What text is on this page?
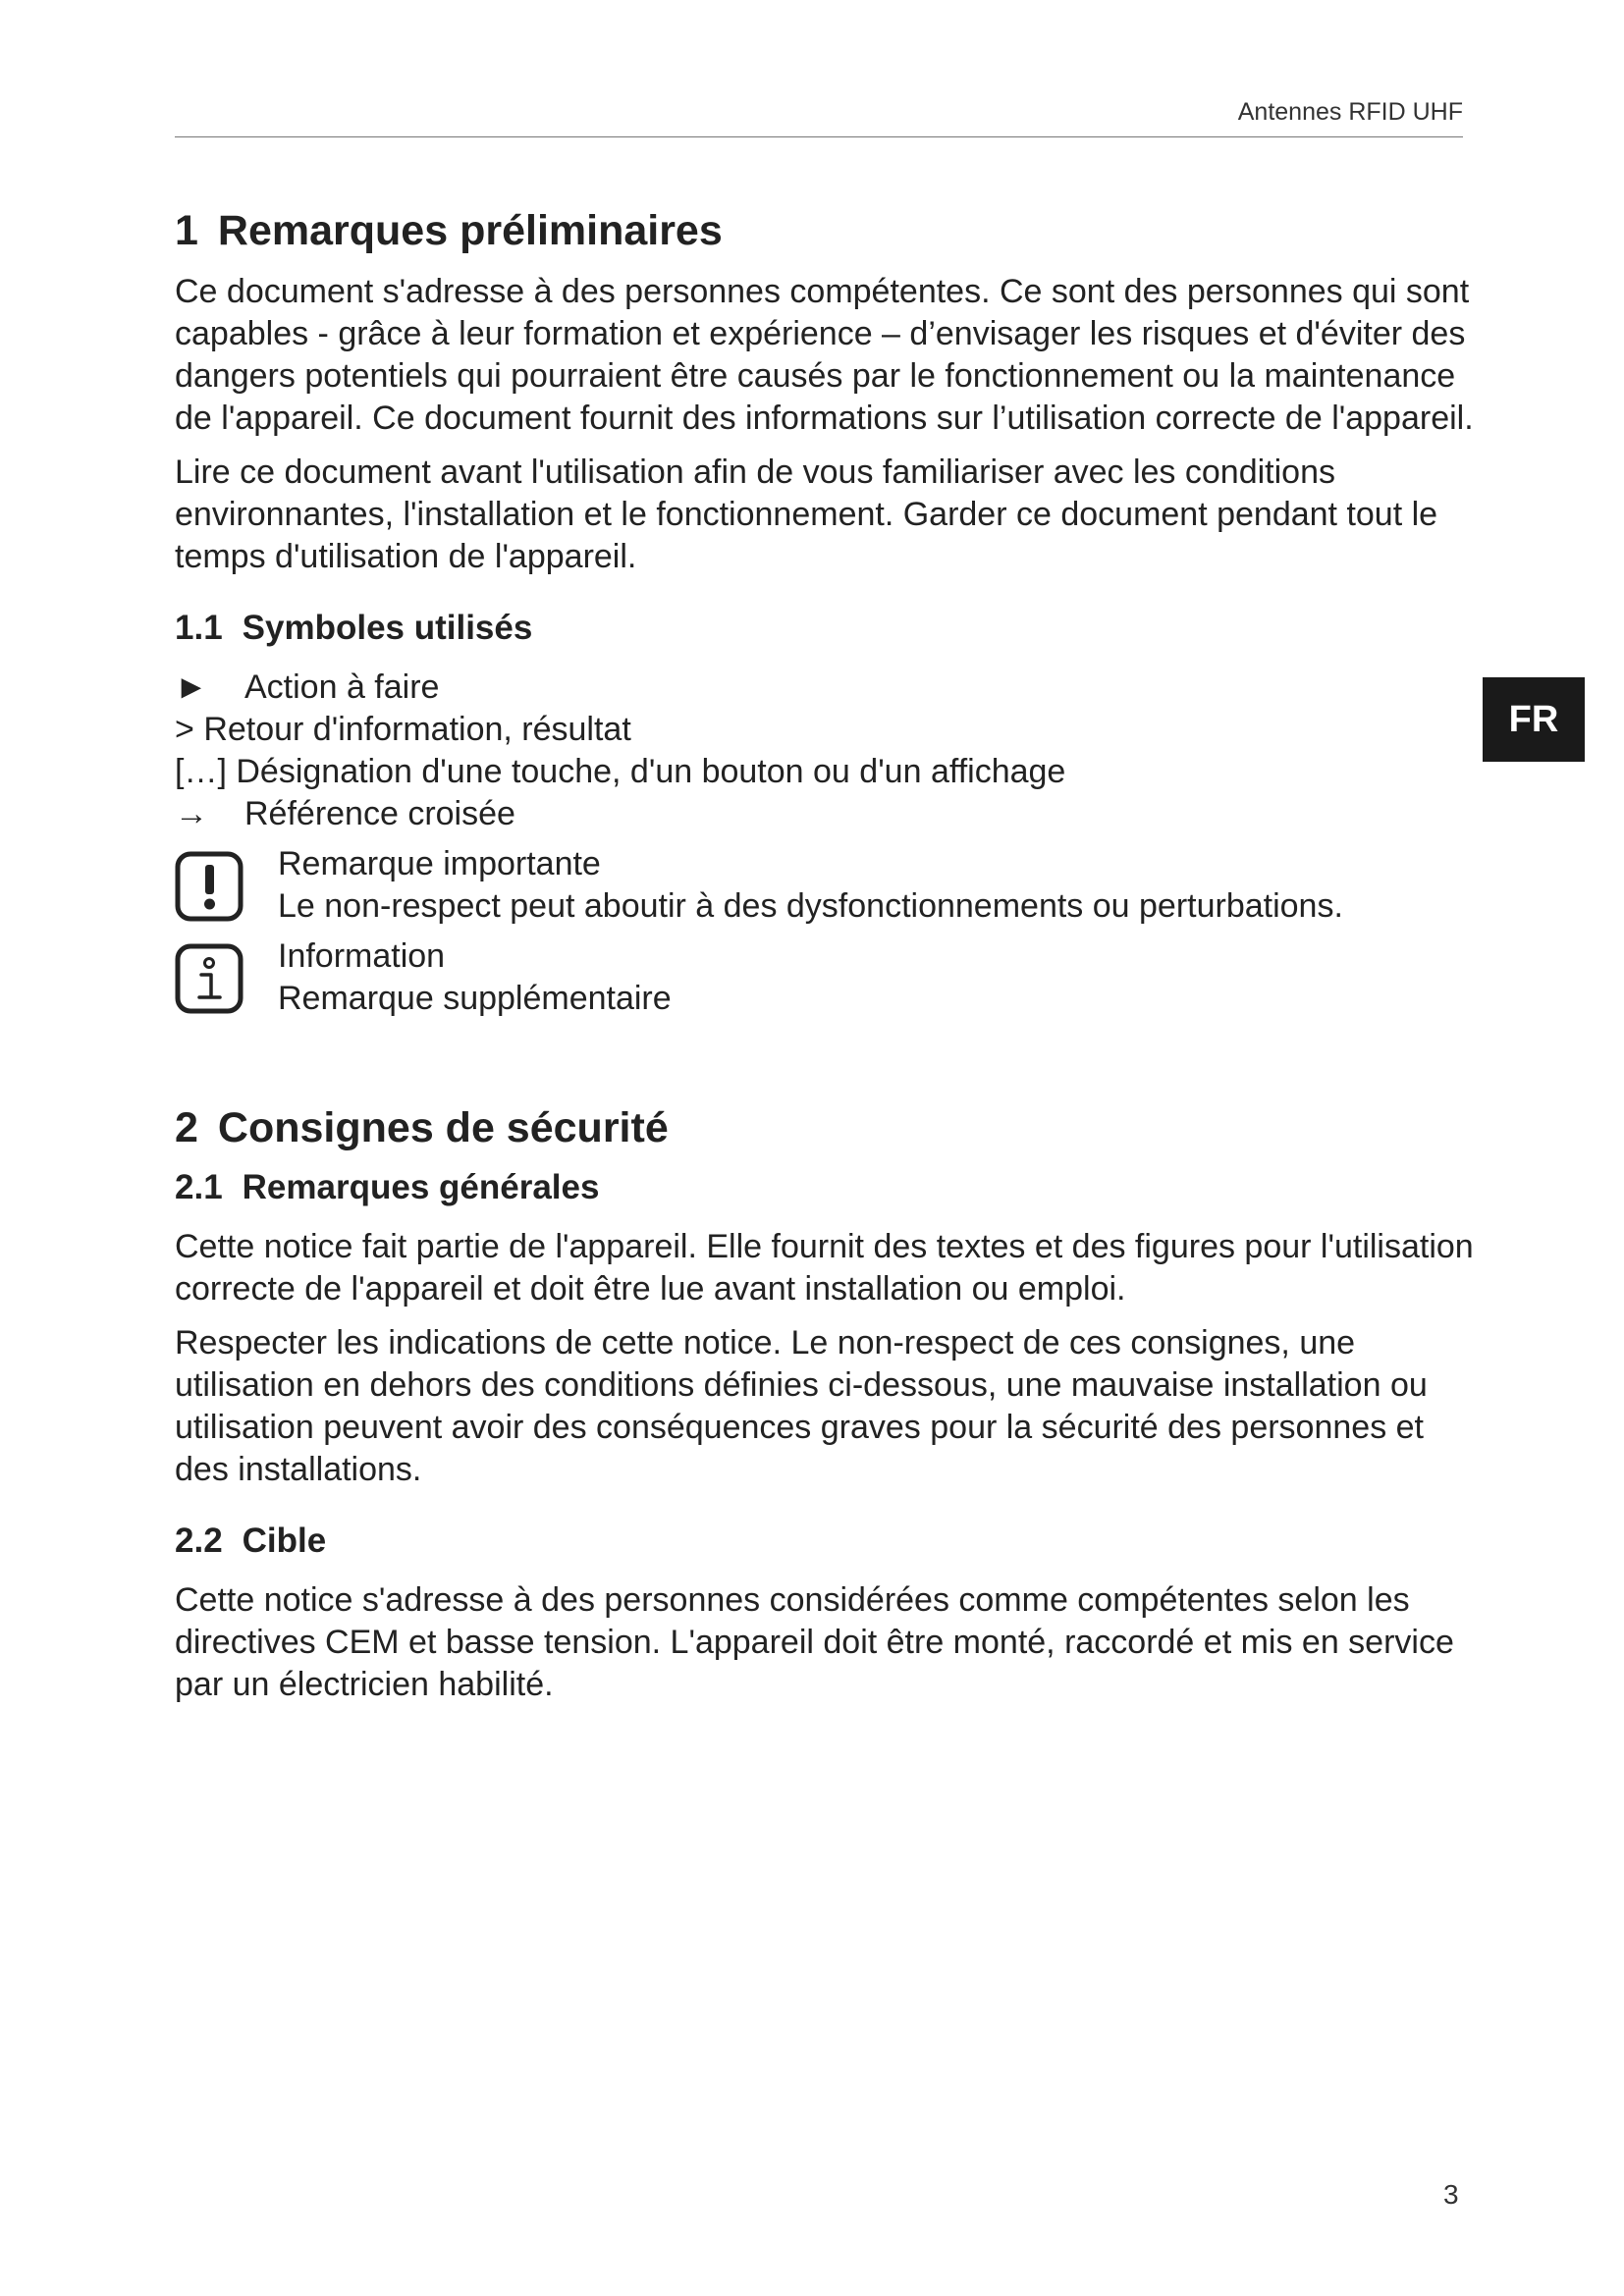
Antennes RFID UHF
FR
1 Remarques préliminaires

Ce document s'adresse à des personnes compétentes. Ce sont des personnes qui sont capables - grâce à leur formation et expérience – d’envisager les risques et d'éviter des dangers potentiels qui pourraient être causés par le fonctionnement ou la maintenance de l'appareil. Ce document fournit des informations sur l’utilisation correcte de l'appareil.

Lire ce document avant l'utilisation afin de vous familiariser avec les conditions environnantes, l'installation et le fonctionnement. Garder ce document pendant tout le temps d'utilisation de l'appareil.

1.1 Symboles utilisés
►	Action à faire
>
Retour d'information, résultat
[…]
Désignation d'une touche, d'un bouton ou d'un affichage
→	Référence croisée
Remarque importante
Le non-respect peut aboutir à des dysfonctionnements ou perturbations.
Information
Remarque supplémentaire
2 Consignes de sécurité
2.1 Remarques générales

Cette notice fait partie de l'appareil. Elle fournit des textes et des figures pour l'utilisation correcte de l'appareil et doit être lue avant installation ou emploi.

Respecter les indications de cette notice. Le non-respect de ces consignes, une utilisation en dehors des conditions définies ci-dessous, une mauvaise installation ou utilisation peuvent avoir des conséquences graves pour la sécurité des personnes et des installations.

2.2 Cible

Cette notice s'adresse à des personnes considérées comme compétentes selon les directives CEM et basse tension. L'appareil doit être monté, raccordé et mis en service par un électricien habilité.

3
